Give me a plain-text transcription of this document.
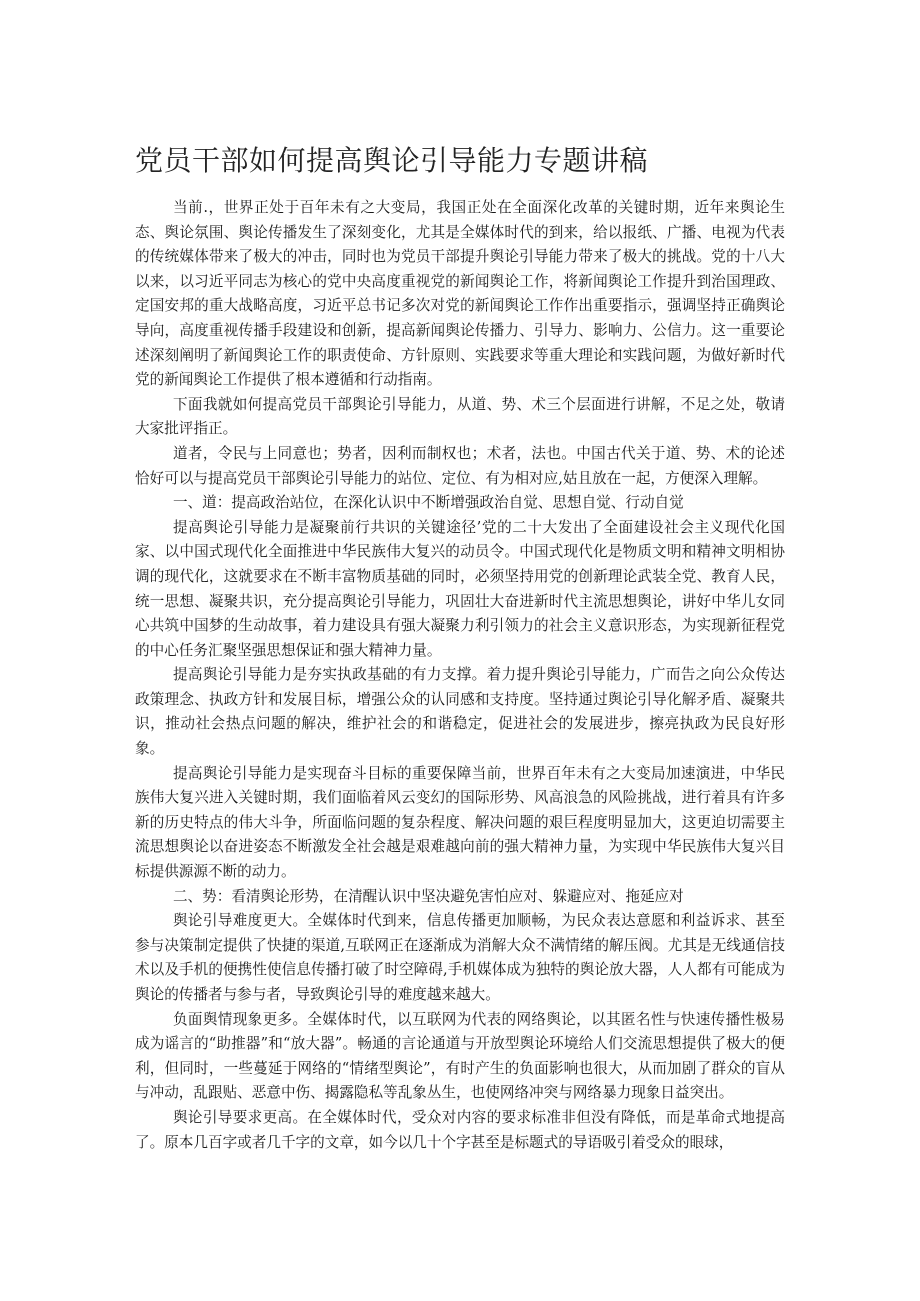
党员干部如何提高舆论引导能力专题讲稿

当前.，世界正处于百年未有之大变局，我国正处在全面深化改革的关键时期，近年来舆论生态、舆论氛围、舆论传播发生了深刻变化，尤其是全媒体时代的到来，给以报纸、广播、电视为代表的传统媒体带来了极大的冲击，同时也为党员干部提升舆论引导能力带来了极大的挑战。党的十八大以来，以习近平同志为核心的党中央高度重视党的新闻舆论工作，将新闻舆论工作提升到治国理政、定国安邦的重大战略高度，习近平总书记多次对党的新闻舆论工作作出重要指示，强调坚持正确舆论导向，高度重视传播手段建设和创新，提高新闻舆论传播力、引导力、影响力、公信力。这一重要论述深刻阐明了新闻舆论工作的职责使命、方针原则、实践要求等重大理论和实践问题，为做好新时代党的新闻舆论工作提供了根本遵循和行动指南。

下面我就如何提高党员干部舆论引导能力，从道、势、术三个层面进行讲解，不足之处，敬请大家批评指正。

道者，令民与上同意也；势者，因利而制权也；术者，法也。中国古代关于道、势、术的论述恰好可以与提高党员干部舆论引导能力的站位、定位、有为相对应,姑且放在一起，方便深入理解。

一、道：提高政治站位，在深化认识中不断增强政治自觉、思想自觉、行动自觉

提高舆论引导能力是凝聚前行共识的关键途径’党的二十大发出了全面建设社会主义现代化国家、以中国式现代化全面推进中华民族伟大复兴的动员令。中国式现代化是物质文明和精神文明相协调的现代化，这就要求在不断丰富物质基础的同时，必须坚持用党的创新理论武装全党、教育人民，统一思想、凝聚共识，充分提高舆论引导能力，巩固壮大奋进新时代主流思想舆论，讲好中华儿女同心共筑中国梦的生动故事，着力建设具有强大凝聚力利引领力的社会主义意识形态，为实现新征程党的中心任务汇聚坚强思想保证和强大精神力量。

提高舆论引导能力是夯实执政基础的有力支撑。着力提升舆论引导能力，广而告之向公众传达政策理念、执政方针和发展目标，增强公众的认同感和支持度。坚持通过舆论引导化解矛盾、凝聚共识，推动社会热点问题的解决，维护社会的和谐稳定，促进社会的发展进步，擦亮执政为民良好形象。

提高舆论引导能力是实现奋斗目标的重要保障当前，世界百年未有之大变局加速演进，中华民族伟大复兴进入关键时期，我们面临着风云变幻的国际形势、风高浪急的风险挑战，进行着具有许多新的历史特点的伟大斗争，所面临问题的复杂程度、解决问题的艰巨程度明显加大，这更迫切需要主流思想舆论以奋进姿态不断激发全社会越是艰难越向前的强大精神力量，为实现中华民族伟大复兴目标提供源源不断的动力。

二、势：看清舆论形势，在清醒认识中坚决避免害怕应对、躲避应对、拖延应对

舆论引导难度更大。全媒体时代到来，信息传播更加顺畅，为民众表达意愿和利益诉求、甚至参与决策制定提供了快捷的渠道,互联网正在逐渐成为消解大众不满情绪的解压阀。尤其是无线通信技术以及手机的便携性使信息传播打破了时空障碍,手机媒体成为独特的舆论放大器，人人都有可能成为舆论的传播者与参与者，导致舆论引导的难度越来越大。

负面舆情现象更多。全媒体时代，以互联网为代表的网络舆论，以其匿名性与快速传播性极易成为谣言的“助推器”和“放大器”。畅通的言论通道与开放型舆论环境给人们交流思想提供了极大的便利，但同时，一些蔓延于网络的“情绪型舆论”，有时产生的负面影响也很大，从而加剧了群众的盲从与冲动，乱跟贴、恶意中伤、揭露隐私等乱象丛生，也使网络冲突与网络暴力现象日益突出。

舆论引导要求更高。在全媒体时代，受众对内容的要求标准非但没有降低，而是革命式地提高了。原本几百字或者几千字的文章，如今以几十个字甚至是标题式的导语吸引着受众的眼球，
